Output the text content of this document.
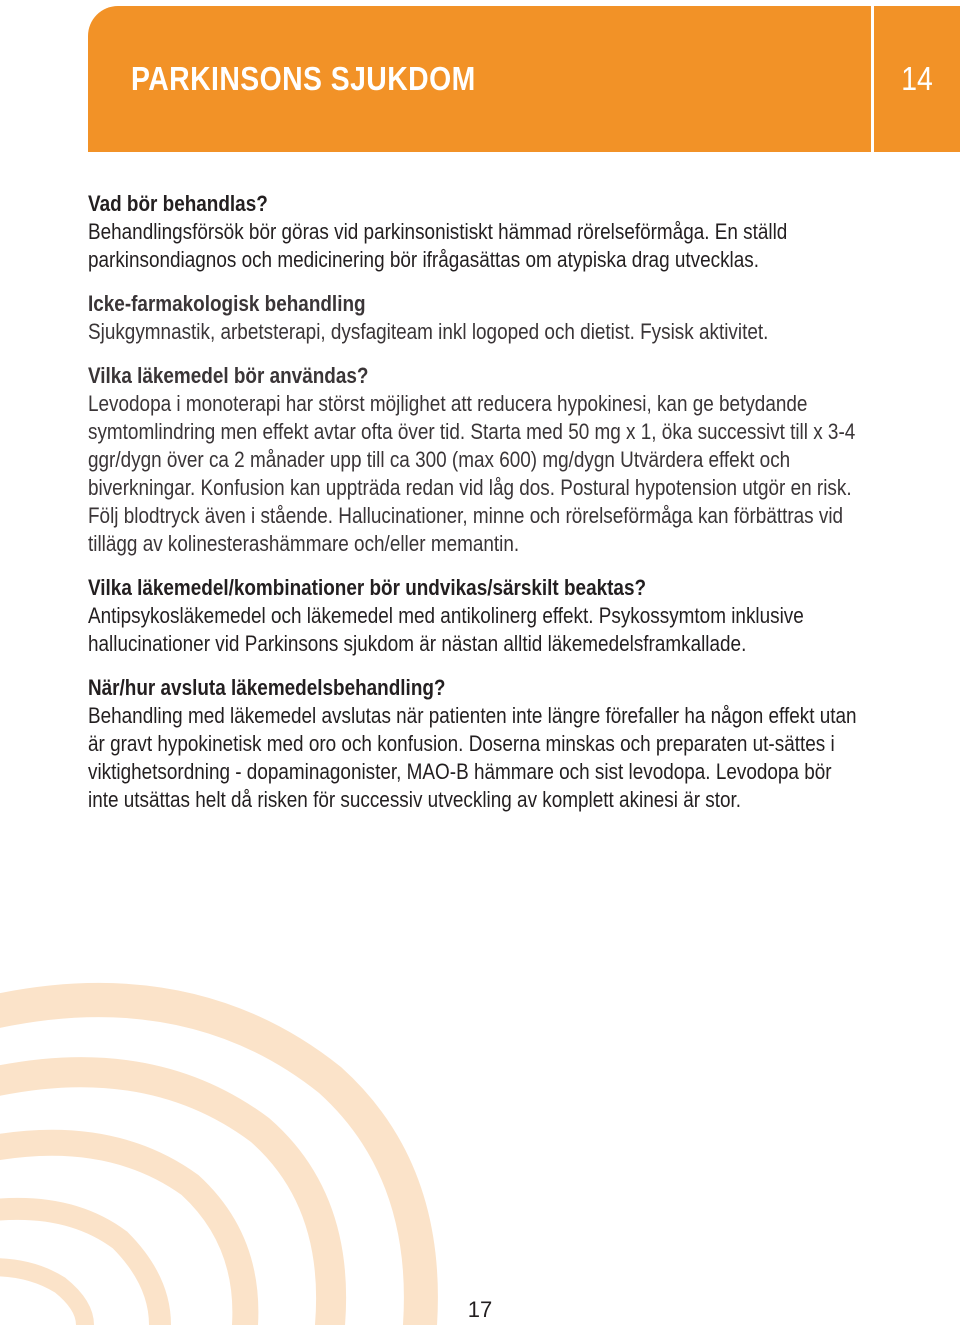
PARKINSONS SJUKDOM	14
Vad bör behandlas?
Behandlingsförsök bör göras vid parkinsonistiskt hämmad rörelseförmåga. En ställd parkinsondiagnos och medicinering bör ifrågasättas om atypiska drag utvecklas.
Icke-farmakologisk behandling
Sjukgymnastik, arbetsterapi, dysfagiteam inkl logoped och dietist. Fysisk aktivitet.
Vilka läkemedel bör användas?
Levodopa i monoterapi har störst möjlighet att reducera hypokinesi, kan ge betydande symtomlindring men effekt avtar ofta över tid. Starta med 50 mg x 1, öka successivt till x 3-4 ggr/dygn över ca 2 månader upp till ca 300 (max 600) mg/dygn Utvärdera effekt och biverkningar. Konfusion kan uppträda redan vid låg dos. Postural hypotension utgör en risk. Följ blodtryck även i stående. Hallucinationer, minne och rörelseförmåga kan förbättras vid tillägg av kolinesterashämmare och/eller memantin.
Vilka läkemedel/kombinationer bör undvikas/särskilt beaktas?
Antipsykosläkemedel och läkemedel med antikolinerg effekt. Psykossymtom inklusive hallucinationer vid Parkinsons sjukdom är nästan alltid läkemedelsframkallade.
När/hur avsluta läkemedelsbehandling?
Behandling med läkemedel avslutas när patienten inte längre förefaller ha någon effekt utan är gravt hypokinetisk med oro och konfusion. Doserna minskas och preparaten ut-sättes i viktighetsordning - dopaminagonister, MAO-B hämmare och sist levodopa. Levodopa bör inte utsättas helt då risken för successiv utveckling av komplett akinesi är stor.
17
